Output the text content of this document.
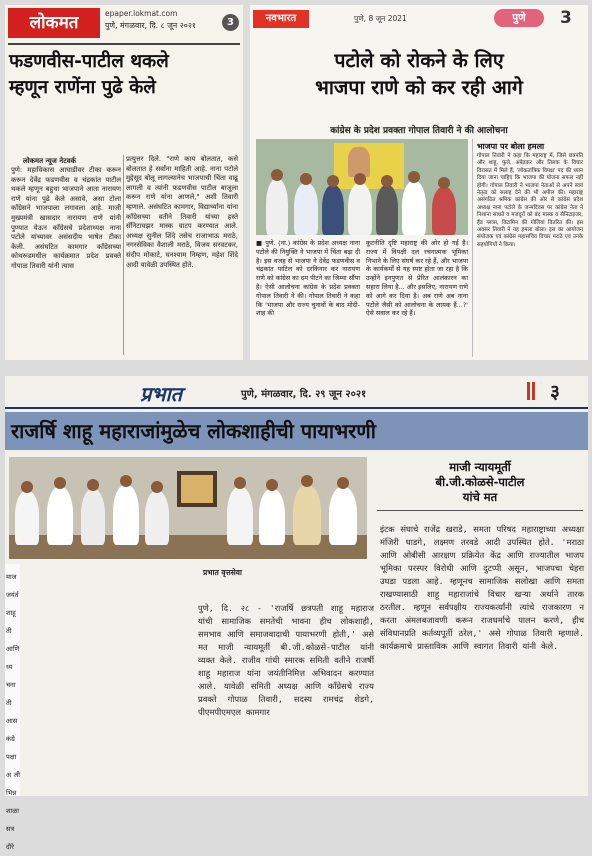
लोकमत	epaper.lokmat.com
पुणे, मंगळवार, दि. ८ जून २०२१	3
फडणवीस-पाटील थकले
म्हणून राणेंना पुढे केले
लोकमत न्यूज नेटवर्क
पुणे: महाविकास आघाडीवर टीका करून करून देवेंद्र फडणवीस व चंद्रकांत पाटील थकले म्हणून बहुधा भाजपाने आता नारायण राणे यांना पुढे केले असावे, असा टोला काँग्रेसने भाजपाला लगावला आहे. माजी मुख्यमंत्री खासदार नारायण राणे यांनी पुण्यात येऊन काँग्रेसचे प्रदेशाध्यक्ष नाना पटोले यांच्यावर असंसदीय भाषेत टीका केली. असंघटित कामगार काँग्रेसच्या कोथरूडमधील कार्यक्रमात प्रदेश प्रवक्ते गोपाळ तिवारी यांनी त्यास
प्रत्युत्तर दिले. "राणे काय बोलतात, कसे बोलतात हे सर्वांना माहिती आहे. नाना पटोले मुद्देसूद बोलू लागल्यानेच भाजपाची चिंता वाढू लागली व त्यांनी फडणवीस पाटील बाजूला करून राणे यांना आणले," अशी तिवारी म्हणाले. असंघटित कामगार, विद्यार्थ्यांना यांना काँग्रेसच्या वतीने तिवारी यांच्या हस्ते सॅनिटायझर मास्क वाटप करण्यात आले. अध्यक्ष सुनील शिंदे तसेच राजाभाऊ मराठे, नगरसेविका वैशाली मराठे, विजय सरवटकर, संदीप मोकाटे, घनश्याम निम्हण, महेश शिंदे आदी यावेळी उपस्थित होते.
नवभारत	पुणे, 8 जून 2021	पुणे	3
पटोले को रोकने के लिए
भाजपा राणे को कर रही आगे
कांग्रेस के प्रदेश प्रवक्ता गोपाल तिवारी ने की आलोचना
भाजपा पर बोला हमला
गोपाल तिवारी ने कहा कि महाराष्ट्र में, जिसे छत्रपति और शाहू, फुले, अंबेडकर और तिलक के विचार विरासत में मिले हैं, 'लोकतांत्रिक विपक्ष' पद की ध्यान दिया जाना चाहिए कि भाजपा की योजना सफल नहीं होगी। गोपाल तिवारी ने भाजपा नेताओं से अपने स्वयं नेतृत्व को सलाह देने की भी अपील की। महाराष्ट्र असंगठित श्रमिक कांग्रेस की ओर से कांग्रेस प्रदेश अध्यक्ष नाना पटोले के जन्मदिवस पर कांग्रेस नेता ने निशाना साधते व मजदूरों को बंद मास्क व सैनिटाइजर, हैंड ग्लव्स, विटामिन की गोलियां वितरित की। इस अवसर तिवारी ने यह हमला बोला। इस का आयोजन संयोजक एवं कांग्रेस महासचिव विचार मराठे एवं उनके सहयोगियों ने किया।
■ पुणे. (ना.) कांग्रेस के प्रदेश अध्यक्ष नाना पटोले की नियुक्ति ने भाजपा में चिंता बढ़ा दी है। इस वजह से भाजपा ने देवेंद्र फडणवीस व चंद्रकांत पाटिल को दरकिनार कर नारायण राणे को कांग्रेस का दम पीटने का जिम्मा सौंपा है। ऐसी आलोचना कांग्रेस के प्रदेश प्रवक्ता गोपाल तिवारी ने की। गोपाल तिवारी ने कहा कि 'भाजपा और राज्य चुनावों के बाद मोदी-शाह की
कूटनीति दृष्टि महाराष्ट्र की ओर हो गई है। राज्य में विपक्षी दल रचनात्मक भूमिका निभाने के लिए संघर्ष कर रहे हैं, और भाजपा के कार्यकर्मों से यह स्पष्ट होता जा रहा है कि उन्होंने इनपुणत से प्रेरित आलंकारन का सहारा लिया है... और इसलिए, नारायण राणे को आगे कर दिया है। अब राणे अब नाना पटोले जैसी को आलोचना के लायक हैं...?' ऐसे सवाल कर रहे हैं।
प्रभात	पुणे, मंगळवार, दि. २९ जून २०२१	३
राजर्षि शाहू महाराजांमुळेच लोकशाहीची पायाभरणी
माजी न्यायमूर्ती
बी.जी.कोळसे-पाटील
यांचे मत
माज जयंर्त शाहू ती आणि ध्य चना ती आस कंग्रे पक्षा अ ली भिन्न शाळा सत्र दौरे
प्रभात वृत्तसेवा
पुणे, दि. २८ - 'राजर्षि छत्रपती शाहू महाराज यांची सामाजिक समतेची भावना हीच लोकशाही, समभाव आणि समाजवादाची पायाभरणी होती,' असे मत माजी न्यायमूर्ती बी.जी.कोळसे-पाटील यांनी व्यक्त केले. राजीव गांधी स्मारक समिती वतीने राजर्षी शाहू महाराज यांना जयंतीनिमित्त अभिवादन करण्यात आले. यावेळी समिती अध्यक्ष आणि काँग्रेसचे राज्य प्रवक्ते गोपाळ तिवारी, सदस्य रामचंद्र शेडगे, पीएमपीएमएल कामगार
इंटक संघाचे राजेंद्र खराडे, समता परिषद महाराष्ट्राच्या अध्यक्षा मंजिरी धाडगे, लक्ष्मण तरवडे आदी उपस्थित होते. 'मराठा आणि ओबीसी आरक्षण प्रक्रियेत केंद्र आणि राज्यातील भाजप भूमिका परस्पर विरोधी आणि दुटप्पी असून, भाजपचा चेहरा उघडा पडला आहे. म्हणूनच सामाजिक सलोखा आणि समता राखण्यासाठी शाहू महाराजांचे विचार खऱ्या अर्थाने तारक ठरतील. म्हणून सर्वपक्षीय राज्यकर्त्यांनी त्यांचे राजकारण न करता अंमलबजावणी करून राजधर्माचे पालन करणे, हीच संविधानप्रति कर्तव्यपूर्ती ठरेल,' असे गोपाळ तिवारी म्हणाले. कार्यक्रमाचे प्रास्ताविक आणि स्वागत तिवारी यांनी केले.
